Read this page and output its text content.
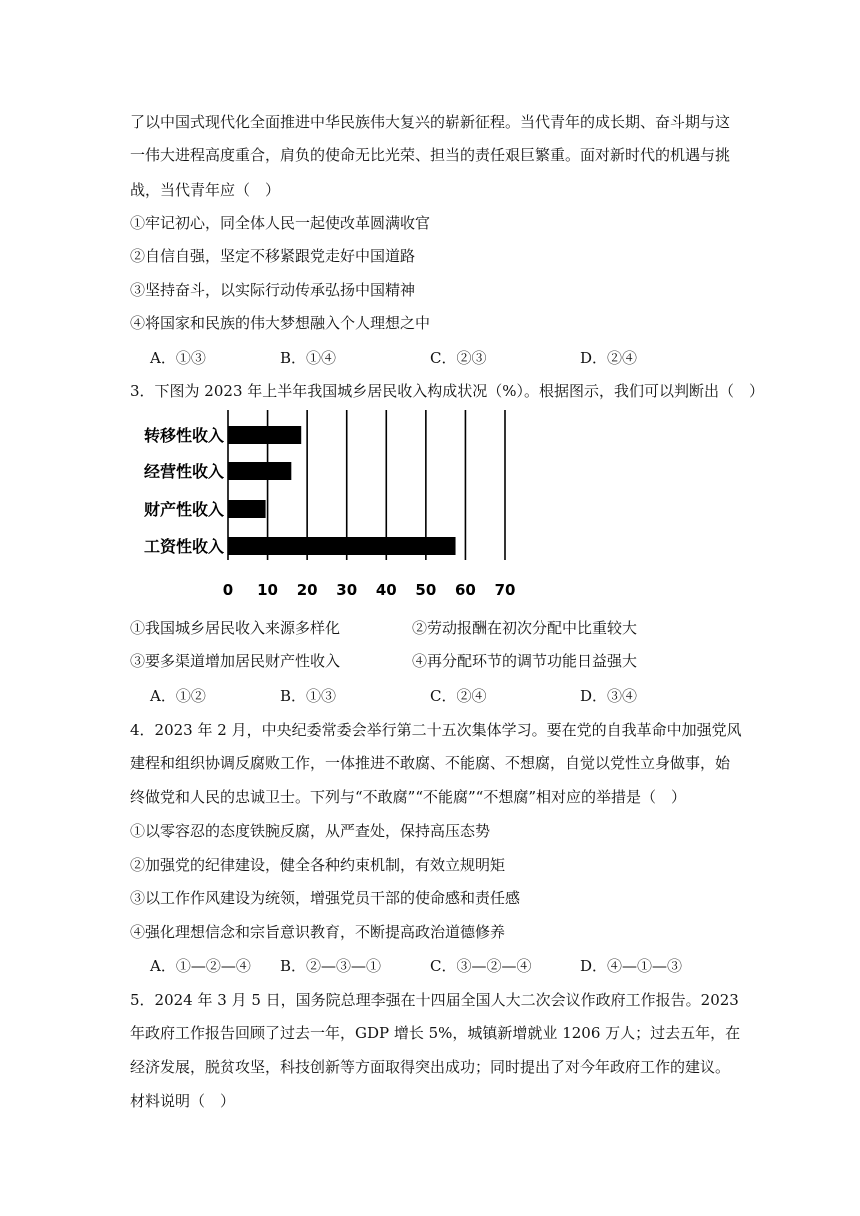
了以中国式现代化全面推进中华民族伟大复兴的崭新征程。当代青年的成长期、奋斗期与这
一伟大进程高度重合，肩负的使命无比光荣、担当的责任艰巨繁重。面对新时代的机遇与挑
战，当代青年应（　）
①牢记初心，同全体人民一起使改革圆满收官
②自信自强，坚定不移紧跟党走好中国道路
③坚持奋斗，以实际行动传承弘扬中国精神
④将国家和民族的伟大梦想融入个人理想之中
A．①③	B．①④	C．②③	D．②④
3．下图为 2023 年上半年我国城乡居民收入构成状况（%）。根据图示，我们可以判断出（　）
转移性收入
经营性收入
财产性收入
工资性收入
0 10 20 30 40 50 60 70
①我国城乡居民收入来源多样化	②劳动报酬在初次分配中比重较大
③要多渠道增加居民财产性收入	④再分配环节的调节功能日益强大
A．①②	B．①③	C．②④	D．③④
4．2023 年 2 月，中央纪委常委会举行第二十五次集体学习。要在党的自我革命中加强党风
建程和组织协调反腐败工作，一体推进不敢腐、不能腐、不想腐，自觉以党性立身做事，始
终做党和人民的忠诚卫士。下列与“不敢腐”“不能腐”“不想腐”相对应的举措是（　）
①以零容忍的态度铁腕反腐，从严查处，保持高压态势
②加强党的纪律建设，健全各种约束机制，有效立规明矩
③以工作作风建设为统领，增强党员干部的使命感和责任感
④强化理想信念和宗旨意识教育，不断提高政治道德修养
A．①—②—④ B．②—③—①	C．③—②—④	D．④—①—③
5．2024 年 3 月 5 日，国务院总理李强在十四届全国人大二次会议作政府工作报告。2023
年政府工作报告回顾了过去一年，GDP 增长 5%，城镇新增就业 1206 万人；过去五年，在
经济发展，脱贫攻坚，科技创新等方面取得突出成功；同时提出了对今年政府工作的建议。
材料说明（　）
